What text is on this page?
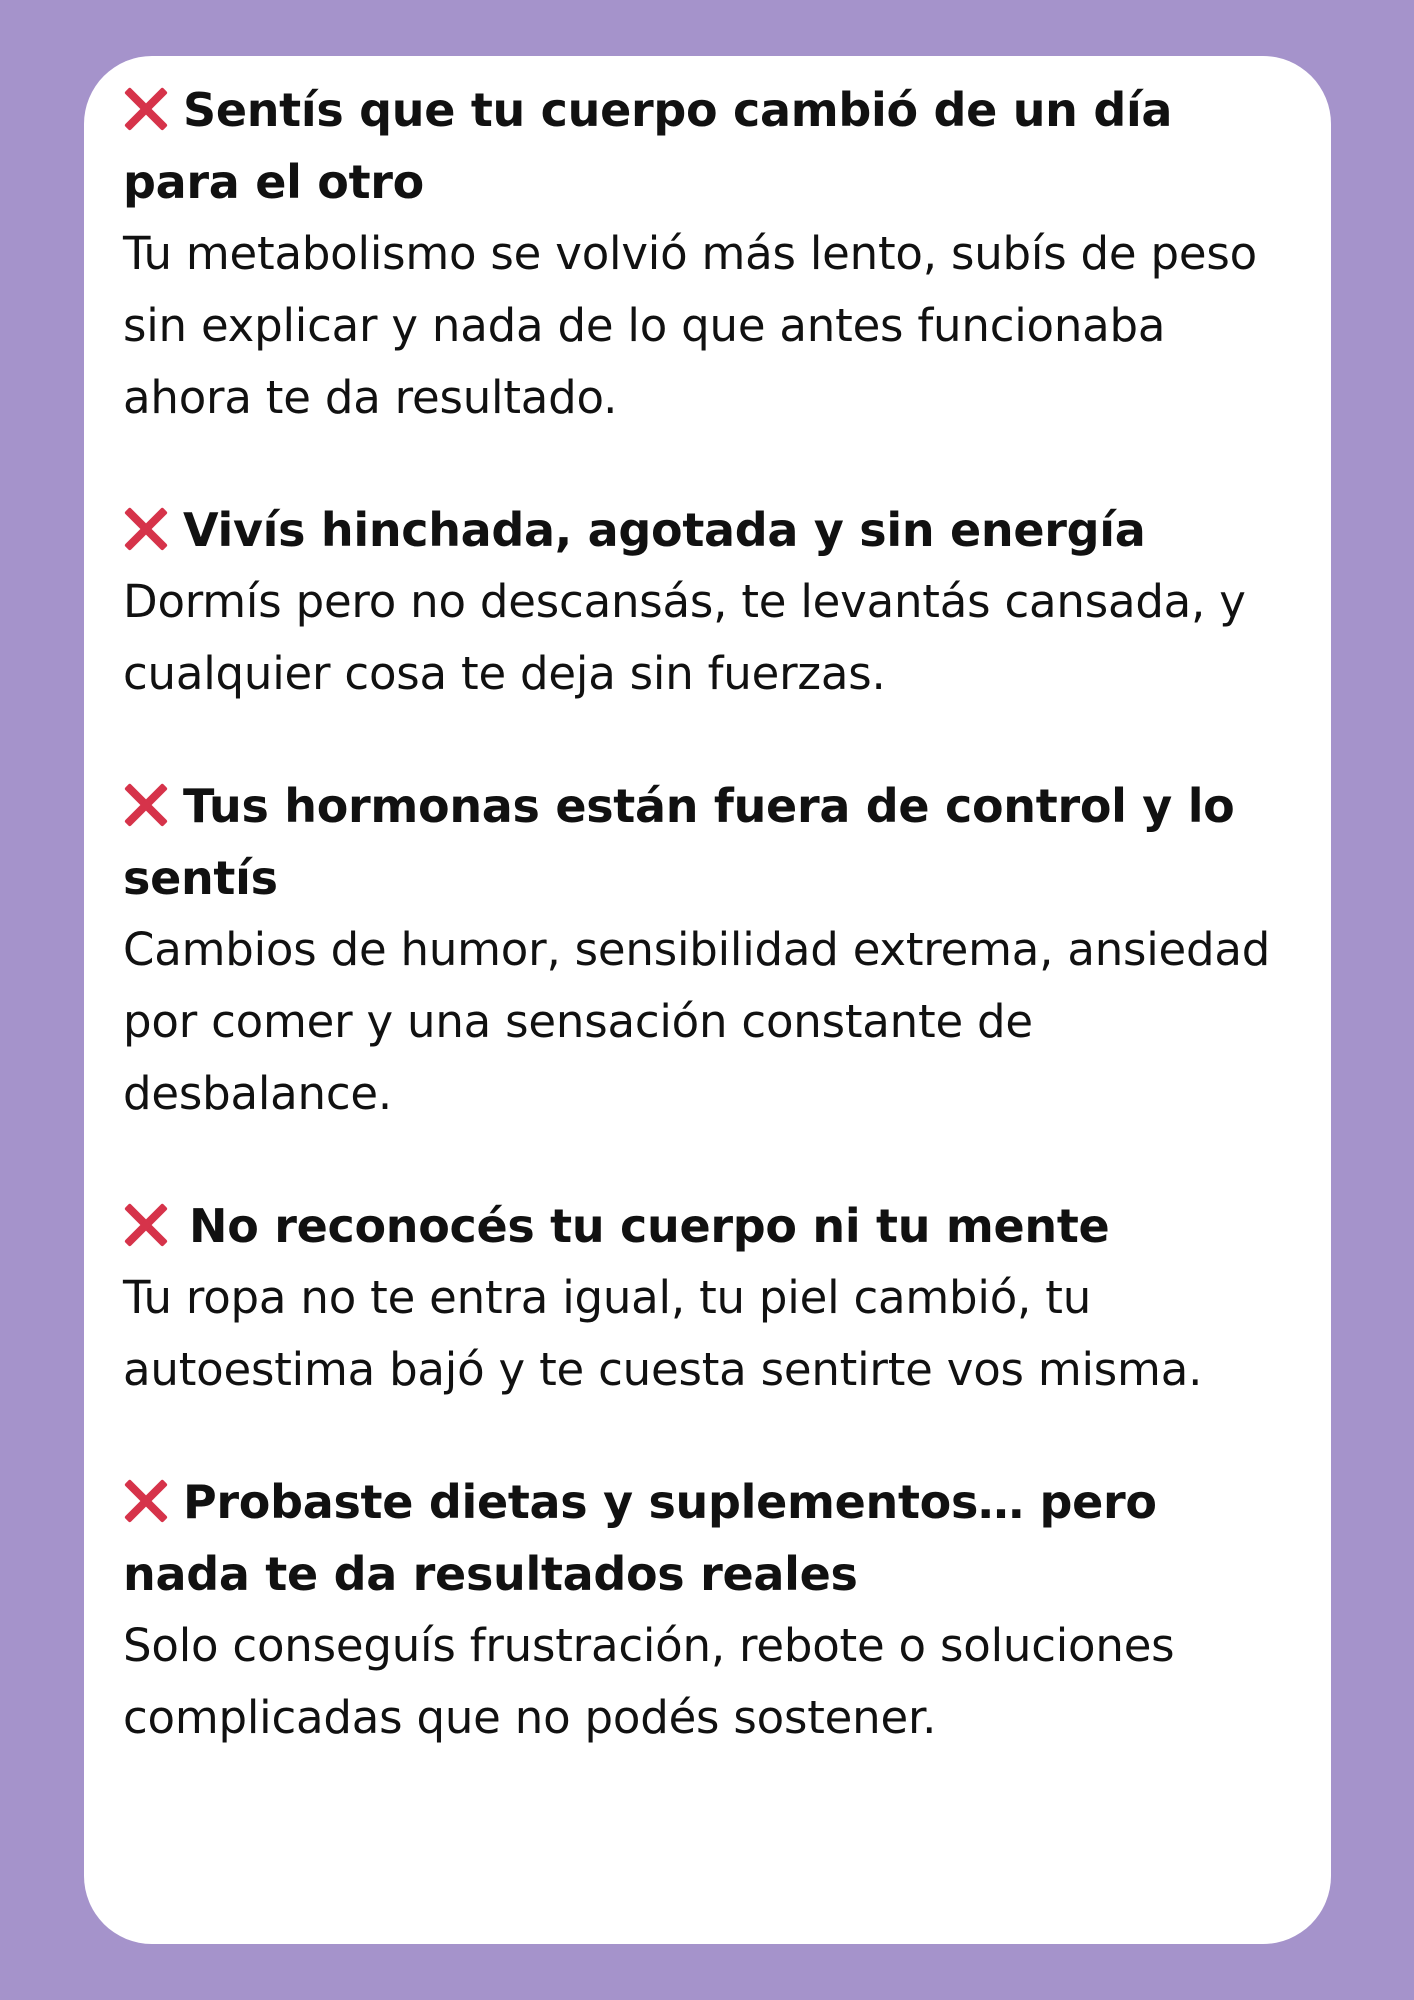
Sentís que tu cuerpo cambió de un día para el otro

Tu metabolismo se volvió más lento, subís de peso sin explicar y nada de lo que antes funcionaba ahora te da resultado.

Vivís hinchada, agotada y sin energía

Dormís pero no descansás, te levantás cansada, y cualquier cosa te deja sin fuerzas.

Tus hormonas están fuera de control y lo sentís

Cambios de humor, sensibilidad extrema, ansiedad por comer y una sensación constante de desbalance.

No reconocés tu cuerpo ni tu mente

Tu ropa no te entra igual, tu piel cambió, tu autoestima bajó y te cuesta sentirte vos misma.

Probaste dietas y suplementos… pero nada te da resultados reales

Solo conseguís frustración, rebote o soluciones complicadas que no podés sostener.
